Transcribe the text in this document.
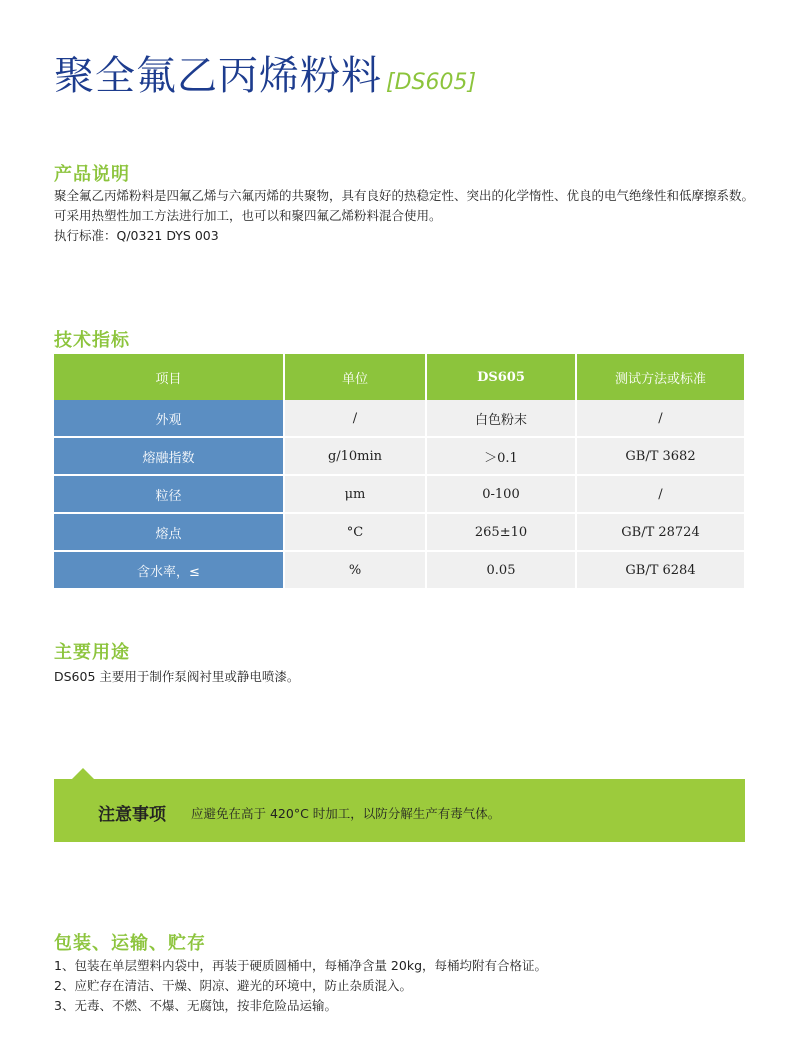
聚全氟乙丙烯粉料 [DS605]
产品说明
聚全氟乙丙烯粉料是四氟乙烯与六氟丙烯的共聚物，具有良好的热稳定性、突出的化学惰性、优良的电气绝缘性和低摩擦系数。
可采用热塑性加工方法进行加工，也可以和聚四氟乙烯粉料混合使用。
执行标准：Q/0321 DYS 003
技术指标
项目	单位	DS605	测试方法或标准
外观	/	白色粉末	/
熔融指数	g/10min	＞0.1	GB/T 3682
粒径	μm	0-100	/
熔点	°C	265±10	GB/T 28724
含水率，≤	%	0.05	GB/T 6284
主要用途
DS605 主要用于制作泵阀衬里或静电喷漆。
注意事项 应避免在高于 420°C 时加工，以防分解生产有毒气体。
包装、运输、贮存
1、包装在单层塑料内袋中，再装于硬质圆桶中，每桶净含量 20kg，每桶均附有合格证。
2、应贮存在清洁、干燥、阴凉、避光的环境中，防止杂质混入。
3、无毒、不燃、不爆、无腐蚀，按非危险品运输。
